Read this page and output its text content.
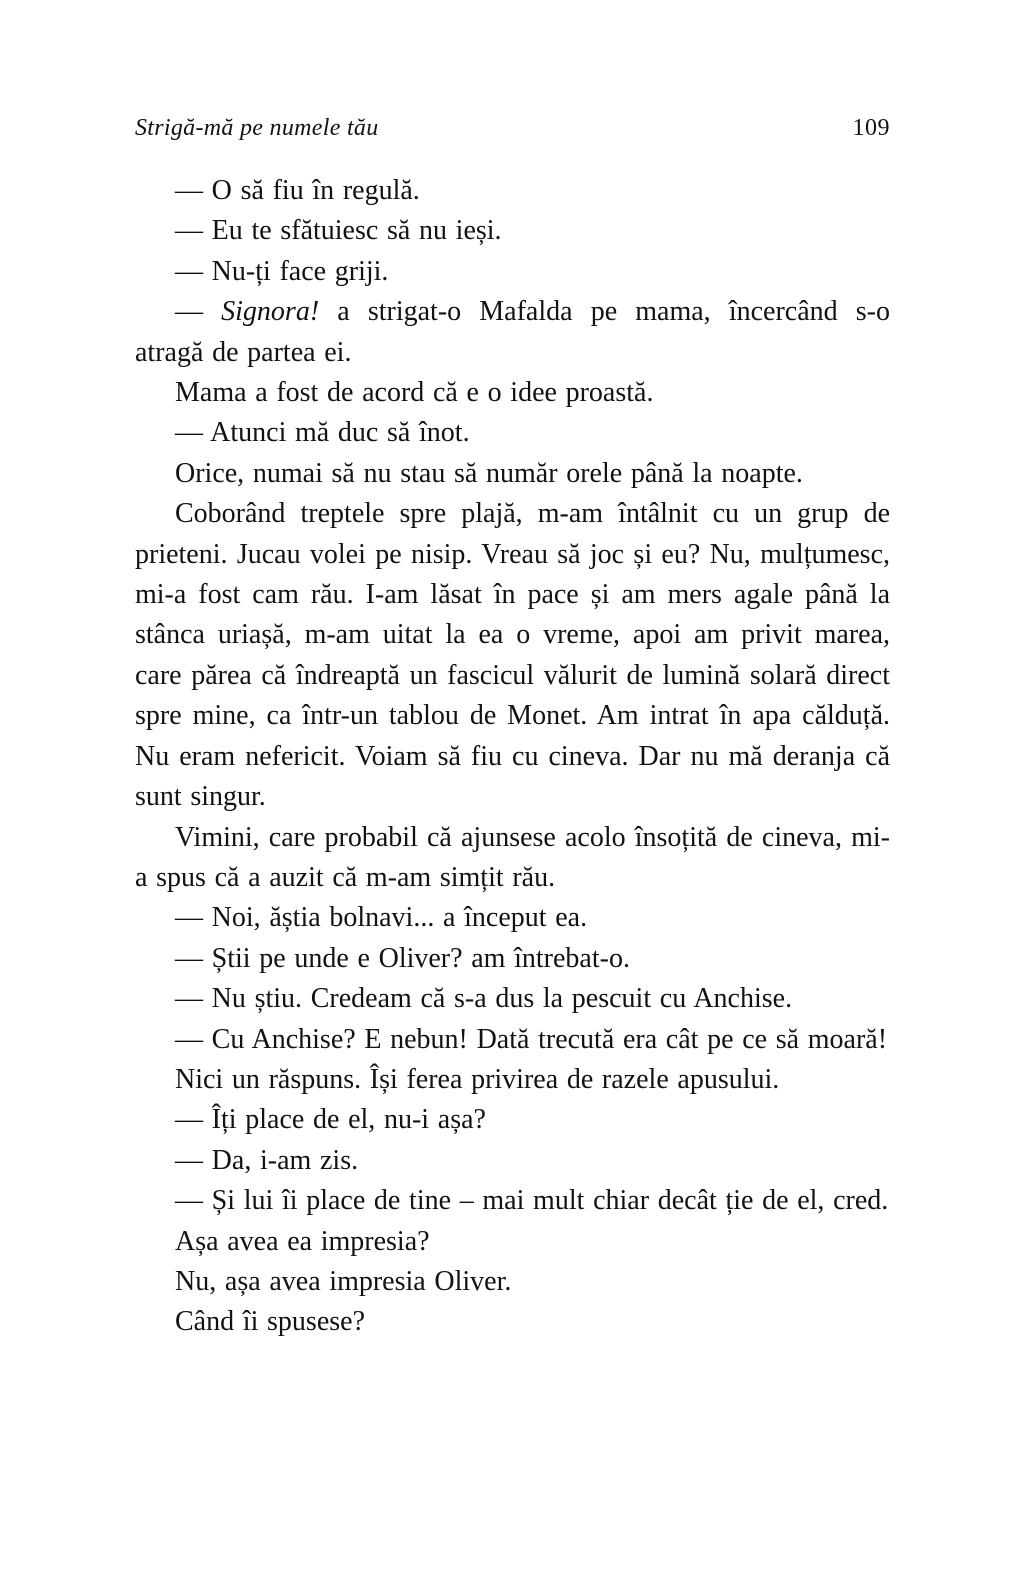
Strigă-mă pe numele tău	109

— O să fiu în regulă.

— Eu te sfătuiesc să nu ieși.

— Nu-ți face griji.

— Signora! a strigat-o Mafalda pe mama, încercând s-o atragă de partea ei.

Mama a fost de acord că e o idee proastă.

— Atunci mă duc să înot.

Orice, numai să nu stau să număr orele până la noapte.

Coborând treptele spre plajă, m-am întâlnit cu un grup de prieteni. Jucau volei pe nisip. Vreau să joc și eu? Nu, mulțumesc, mi-a fost cam rău. I-am lăsat în pace și am mers agale până la stânca uriașă, m-am uitat la ea o vreme, apoi am privit marea, care părea că îndreaptă un fascicul vălurit de lumină solară direct spre mine, ca într-un tablou de Monet. Am intrat în apa călduță. Nu eram nefericit. Voiam să fiu cu cineva. Dar nu mă deranja că sunt singur.

Vimini, care probabil că ajunsese acolo însoțită de cineva, mi-a spus că a auzit că m-am simțit rău.

— Noi, ăștia bolnavi... a început ea.

— Știi pe unde e Oliver? am întrebat-o.

— Nu știu. Credeam că s-a dus la pescuit cu Anchise.

— Cu Anchise? E nebun! Dată trecută era cât pe ce să moară!

Nici un răspuns. Își ferea privirea de razele apusului.

— Îți place de el, nu-i așa?

— Da, i-am zis.

— Și lui îi place de tine – mai mult chiar decât ție de el, cred.

Așa avea ea impresia?

Nu, așa avea impresia Oliver.

Când îi spusese?
